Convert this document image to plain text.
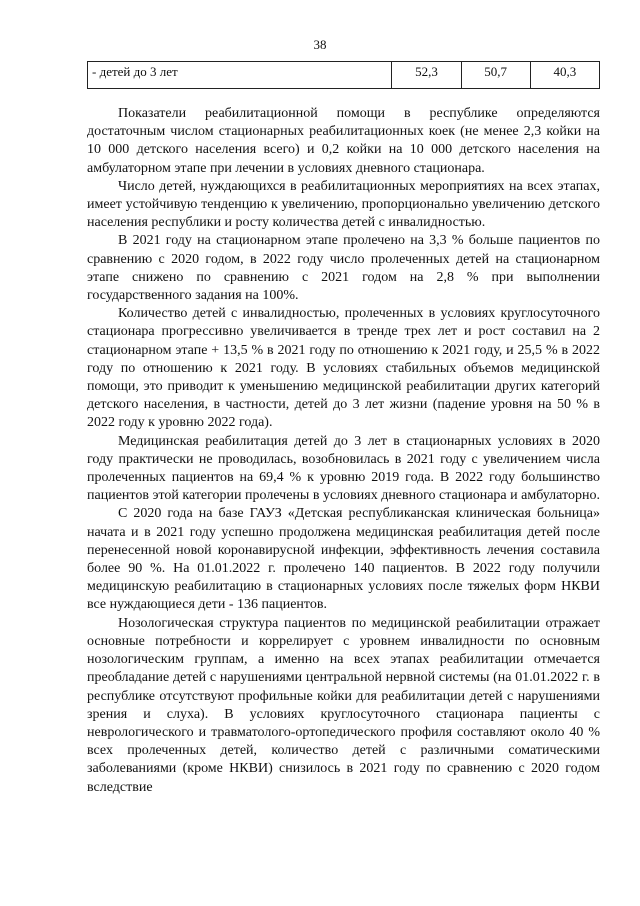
38
- детей до 3 лет	52,3	50,7	40,3

Показатели реабилитационной помощи в республике определяются достаточным числом стационарных реабилитационных коек (не менее 2,3 койки на 10 000 детского населения всего) и 0,2 койки на 10 000 детского населения на амбулаторном этапе при лечении в условиях дневного стационара.

Число детей, нуждающихся в реабилитационных мероприятиях на всех этапах, имеет устойчивую тенденцию к увеличению, пропорционально увеличению детского населения республики и росту количества детей с инвалидностью.

В 2021 году на стационарном этапе пролечено на 3,3 % больше пациентов по сравнению с 2020 годом, в 2022 году число пролеченных детей на стационарном этапе снижено по сравнению с 2021 годом на 2,8 % при выполнении государственного задания на 100%.

Количество детей с инвалидностью, пролеченных в условиях круглосуточного стационара прогрессивно увеличивается в тренде трех лет и рост составил на 2 стационарном этапе + 13,5 % в 2021 году по отношению к 2021 году, и 25,5 % в 2022 году по отношению к 2021 году. В условиях стабильных объемов медицинской помощи, это приводит к уменьшению медицинской реабилитации других категорий детского населения, в частности, детей до 3 лет жизни (падение уровня на 50 % в 2022 году к уровню 2022 года).

Медицинская реабилитация детей до 3 лет в стационарных условиях в 2020 году практически не проводилась, возобновилась в 2021 году с увеличением числа пролеченных пациентов на 69,4 % к уровню 2019 года. В 2022 году большинство пациентов этой категории пролечены в условиях дневного стационара и амбулаторно.

С 2020 года на базе ГАУЗ «Детская республиканская клиническая больница» начата и в 2021 году успешно продолжена медицинская реабилитация детей после перенесенной новой коронавирусной инфекции, эффективность лечения составила более 90 %. На 01.01.2022 г. пролечено 140 пациентов. В 2022 году получили медицинскую реабилитацию в стационарных условиях после тяжелых форм НКВИ все нуждающиеся дети - 136 пациентов.

Нозологическая структура пациентов по медицинской реабилитации отражает основные потребности и коррелирует с уровнем инвалидности по основным нозологическим группам, а именно на всех этапах реабилитации отмечается преобладание детей с нарушениями центральной нервной системы (на 01.01.2022 г. в республике отсутствуют профильные койки для реабилитации детей с нарушениями зрения и слуха). В условиях круглосуточного стационара пациенты с неврологического и травматолого-ортопедического профиля составляют около 40 % всех пролеченных детей, количество детей с различными соматическими заболеваниями (кроме НКВИ) снизилось в 2021 году по сравнению с 2020 годом вследствие
